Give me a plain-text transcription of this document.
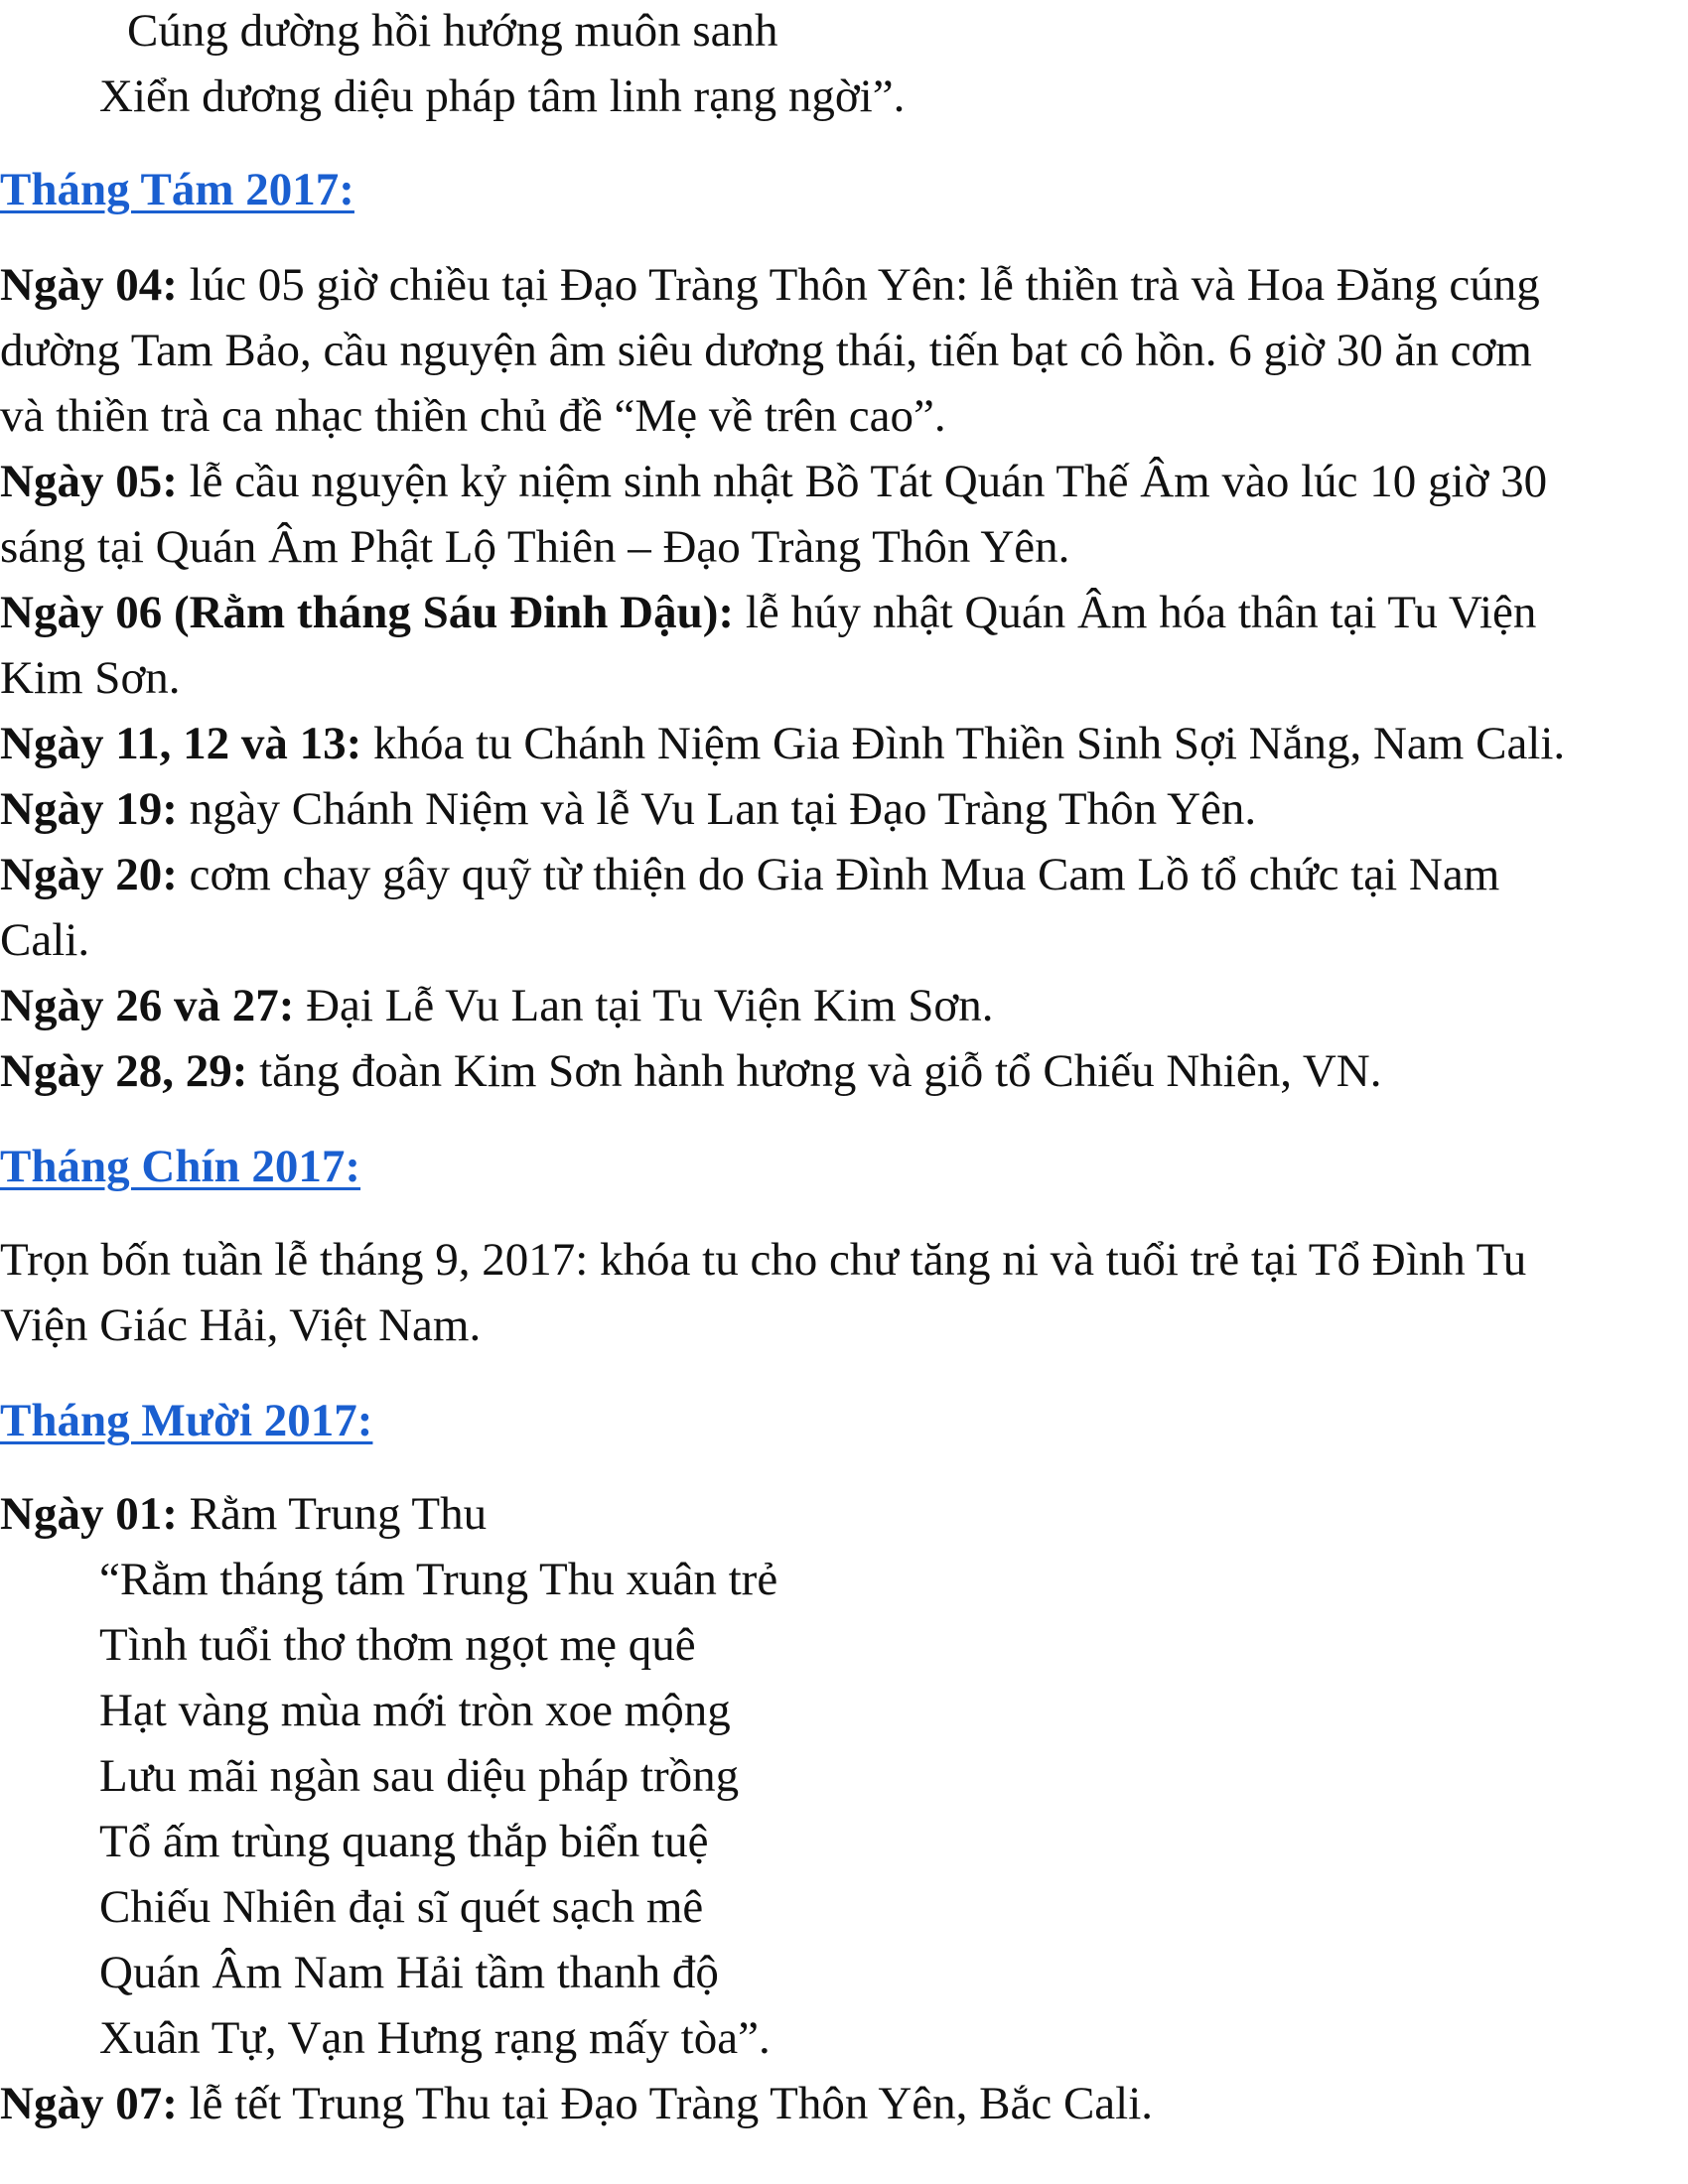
Cúng dường hồi hướng muôn sanh
Xiển dương diệu pháp tâm linh rạng ngời”.
Tháng Tám 2017:
Ngày 04: lúc 05 giờ chiều tại Đạo Tràng Thôn Yên: lễ thiền trà và Hoa Đăng cúng
dường Tam Bảo, cầu nguyện âm siêu dương thái, tiến bạt cô hồn. 6 giờ 30 ăn cơm
và thiền trà ca nhạc thiền chủ đề “Mẹ về trên cao”.
Ngày 05: lễ cầu nguyện kỷ niệm sinh nhật Bồ Tát Quán Thế Âm vào lúc 10 giờ 30
sáng tại Quán Âm Phật Lộ Thiên – Đạo Tràng Thôn Yên.
Ngày 06 (Rằm tháng Sáu Đinh Dậu): lễ húy nhật Quán Âm hóa thân tại Tu Viện
Kim Sơn.
Ngày 11, 12 và 13: khóa tu Chánh Niệm Gia Đình Thiền Sinh Sợi Nắng, Nam Cali.
Ngày 19: ngày Chánh Niệm và lễ Vu Lan tại Đạo Tràng Thôn Yên.
Ngày 20: cơm chay gây quỹ từ thiện do Gia Đình Mua Cam Lồ tổ chức tại Nam
Cali.
Ngày 26 và 27: Đại Lễ Vu Lan tại Tu Viện Kim Sơn.
Ngày 28, 29: tăng đoàn Kim Sơn hành hương và giỗ tổ Chiếu Nhiên, VN.
Tháng Chín 2017:
Trọn bốn tuần lễ tháng 9, 2017: khóa tu cho chư tăng ni và tuổi trẻ tại Tổ Đình Tu
Viện Giác Hải, Việt Nam.
Tháng Mười 2017:
Ngày 01: Rằm Trung Thu
“Rằm tháng tám Trung Thu xuân trẻ
Tình tuổi thơ thơm ngọt mẹ quê
Hạt vàng mùa mới tròn xoe mộng
Lưu mãi ngàn sau diệu pháp trồng
Tổ ấm trùng quang thắp biển tuệ
Chiếu Nhiên đại sĩ quét sạch mê
Quán Âm Nam Hải tầm thanh độ
Xuân Tự, Vạn Hưng rạng mấy tòa”.
Ngày 07: lễ tết Trung Thu tại Đạo Tràng Thôn Yên, Bắc Cali.
